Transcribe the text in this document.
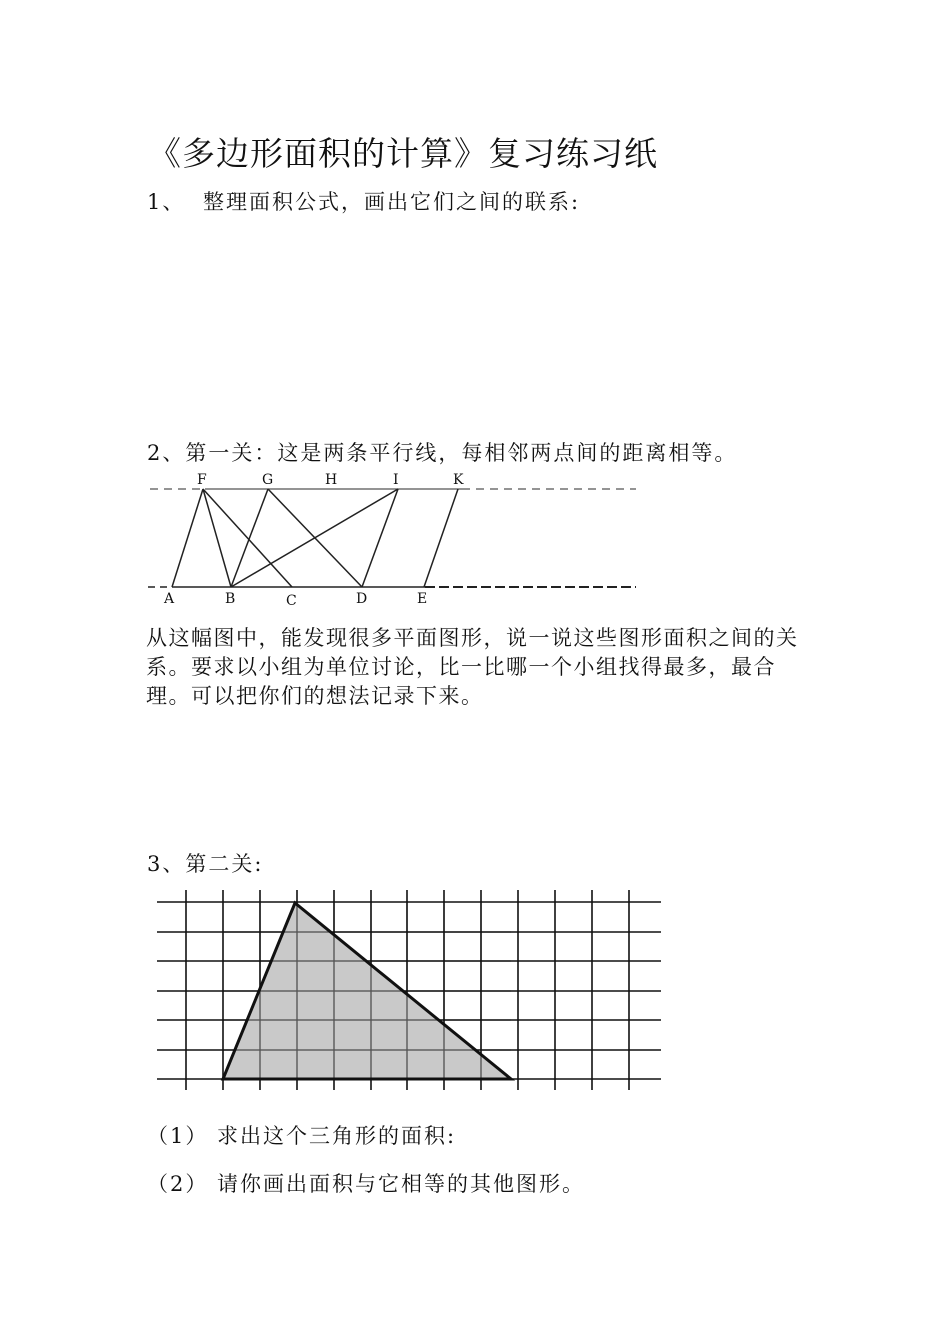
《多边形面积的计算》复习练习纸
1、 整理面积公式，画出它们之间的联系:
2、第一关：这是两条平行线，每相邻两点间的距离相等。
F	G	H	I	K
A	B	C	D	E
从这幅图中，能发现很多平面图形，说一说这些图形面积之间的关系。要求以小组为单位讨论，比一比哪一个小组找得最多，最合理。可以把你们的想法记录下来。
3、第二关:
（1） 求出这个三角形的面积:
（2） 请你画出面积与它相等的其他图形。
